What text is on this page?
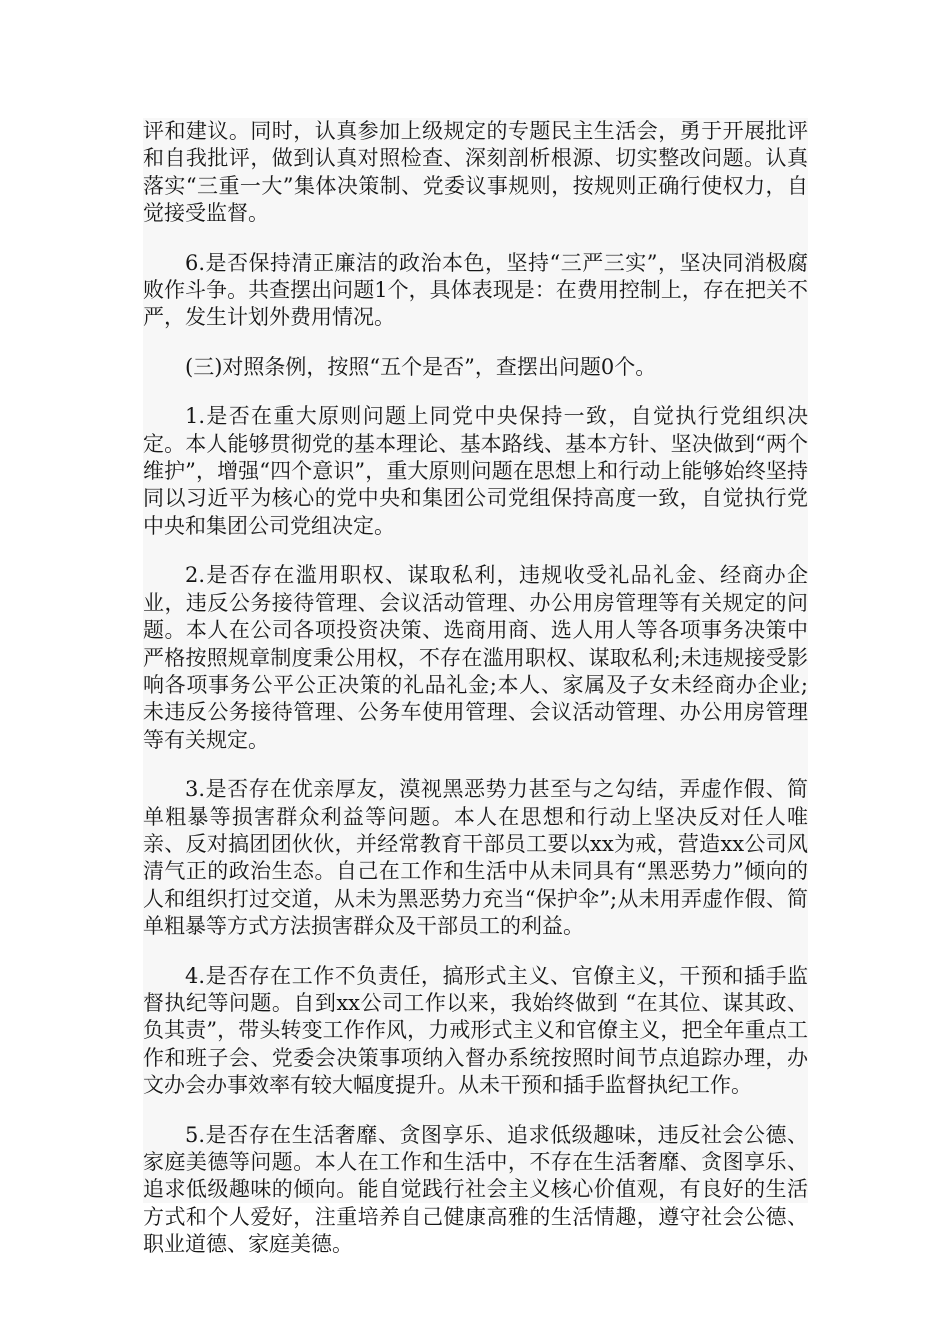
评和建议。同时，认真参加上级规定的专题民主生活会，勇于开展批评和自我批评，做到认真对照检查、深刻剖析根源、切实整改问题。认真落实“三重一大”集体决策制、党委议事规则，按规则正确行使权力，自觉接受监督。

6.是否保持清正廉洁的政治本色，坚持“三严三实”，坚决同消极腐败作斗争。共查摆出问题1个，具体表现是：在费用控制上，存在把关不严，发生计划外费用情况。

(三)对照条例，按照“五个是否”，查摆出问题0个。

1.是否在重大原则问题上同党中央保持一致，自觉执行党组织决定。本人能够贯彻党的基本理论、基本路线、基本方针、坚决做到“两个维护”，增强“四个意识”，重大原则问题在思想上和行动上能够始终坚持同以习近平为核心的党中央和集团公司党组保持高度一致，自觉执行党中央和集团公司党组决定。

2.是否存在滥用职权、谋取私利，违规收受礼品礼金、经商办企业，违反公务接待管理、会议活动管理、办公用房管理等有关规定的问题。本人在公司各项投资决策、选商用商、选人用人等各项事务决策中严格按照规章制度秉公用权，不存在滥用职权、谋取私利;未违规接受影响各项事务公平公正决策的礼品礼金;本人、家属及子女未经商办企业;未违反公务接待管理、公务车使用管理、会议活动管理、办公用房管理等有关规定。

3.是否存在优亲厚友，漠视黑恶势力甚至与之勾结，弄虚作假、简单粗暴等损害群众利益等问题。本人在思想和行动上坚决反对任人唯亲、反对搞团团伙伙，并经常教育干部员工要以xx为戒，营造xx公司风清气正的政治生态。自己在工作和生活中从未同具有“黑恶势力”倾向的人和组织打过交道，从未为黑恶势力充当“保护伞”;从未用弄虚作假、简单粗暴等方式方法损害群众及干部员工的利益。

4.是否存在工作不负责任，搞形式主义、官僚主义，干预和插手监督执纪等问题。自到xx公司工作以来，我始终做到 “在其位、谋其政、负其责”，带头转变工作作风，力戒形式主义和官僚主义，把全年重点工作和班子会、党委会决策事项纳入督办系统按照时间节点追踪办理，办文办会办事效率有较大幅度提升。从未干预和插手监督执纪工作。

5.是否存在生活奢靡、贪图享乐、追求低级趣味，违反社会公德、家庭美德等问题。本人在工作和生活中，不存在生活奢靡、贪图享乐、追求低级趣味的倾向。能自觉践行社会主义核心价值观，有良好的生活方式和个人爱好，注重培养自己健康高雅的生活情趣，遵守社会公德、职业道德、家庭美德。
